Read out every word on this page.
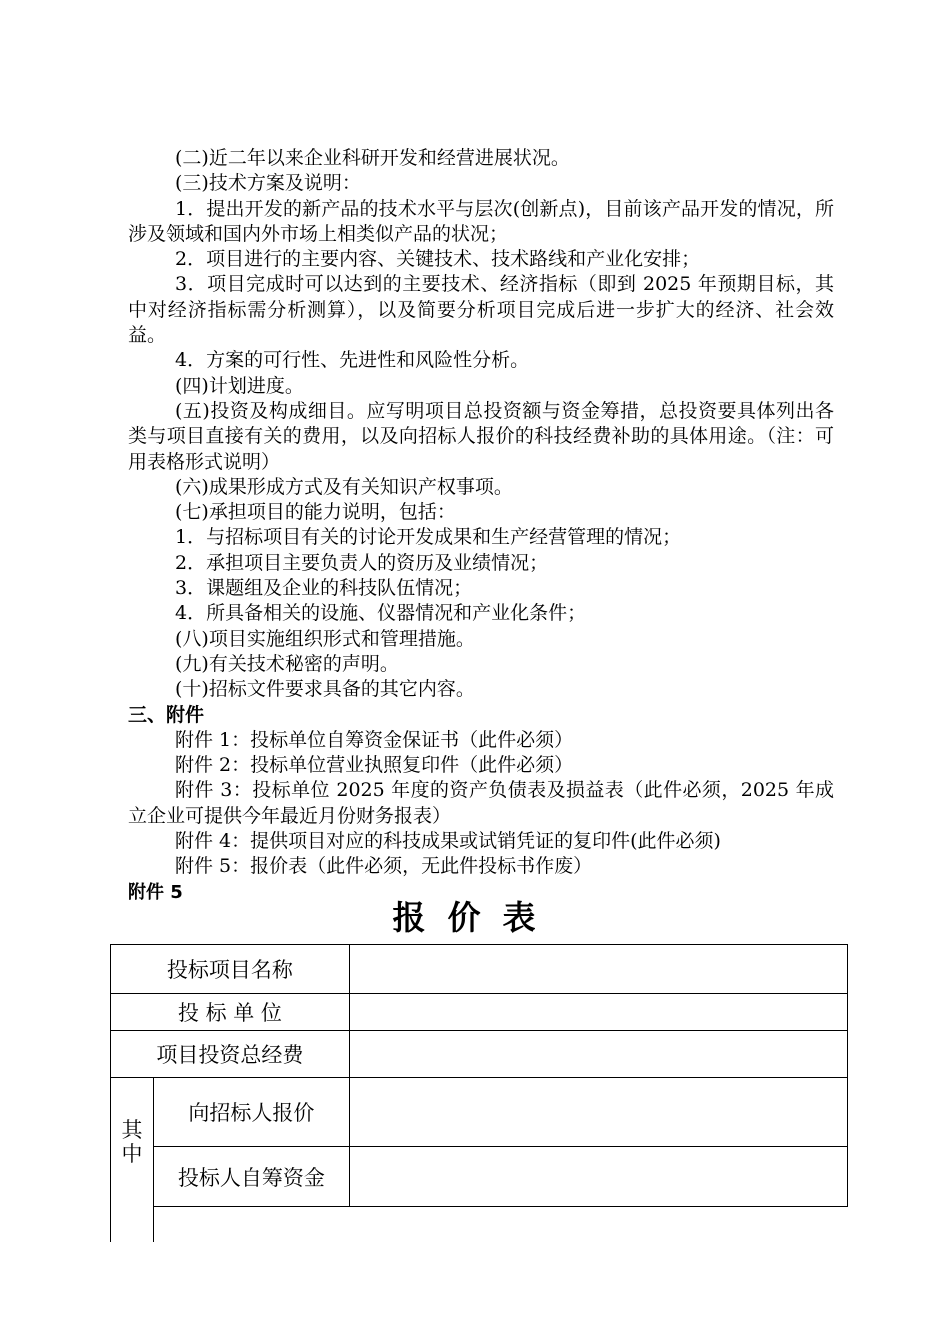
(二)近二年以来企业科研开发和经营进展状况。
(三)技术方案及说明：
1．提出开发的新产品的技术水平与层次(创新点)，目前该产品开发的情况，所涉及领域和国内外市场上相类似产品的状况；
2．项目进行的主要内容、关键技术、技术路线和产业化安排；
3．项目完成时可以达到的主要技术、经济指标（即到 2025 年预期目标，其中对经济指标需分析测算），以及简要分析项目完成后进一步扩大的经济、社会效益。
4．方案的可行性、先进性和风险性分析。
(四)计划进度。
(五)投资及构成细目。应写明项目总投资额与资金筹措，总投资要具体列出各类与项目直接有关的费用，以及向招标人报价的科技经费补助的具体用途。（注：可用表格形式说明）
(六)成果形成方式及有关知识产权事项。
(七)承担项目的能力说明，包括：
1．与招标项目有关的讨论开发成果和生产经营管理的情况；
2．承担项目主要负责人的资历及业绩情况；
3．课题组及企业的科技队伍情况；
4．所具备相关的设施、仪器情况和产业化条件；
(八)项目实施组织形式和管理措施。
(九)有关技术秘密的声明。
(十)招标文件要求具备的其它内容。
三、附件
附件 1：投标单位自筹资金保证书（此件必须）
附件 2：投标单位营业执照复印件（此件必须）
附件 3：投标单位 2025 年度的资产负债表及损益表（此件必须，2025 年成立企业可提供今年最近月份财务报表）
附件 4：提供项目对应的科技成果或试销凭证的复印件(此件必须)
附件 5：报价表（此件必须，无此件投标书作废）
附件 5
报价表
投标项目名称		
投 标 单 位		
项目投资总经费		

其
中	向招标人报价	
	投标人自筹资金	
